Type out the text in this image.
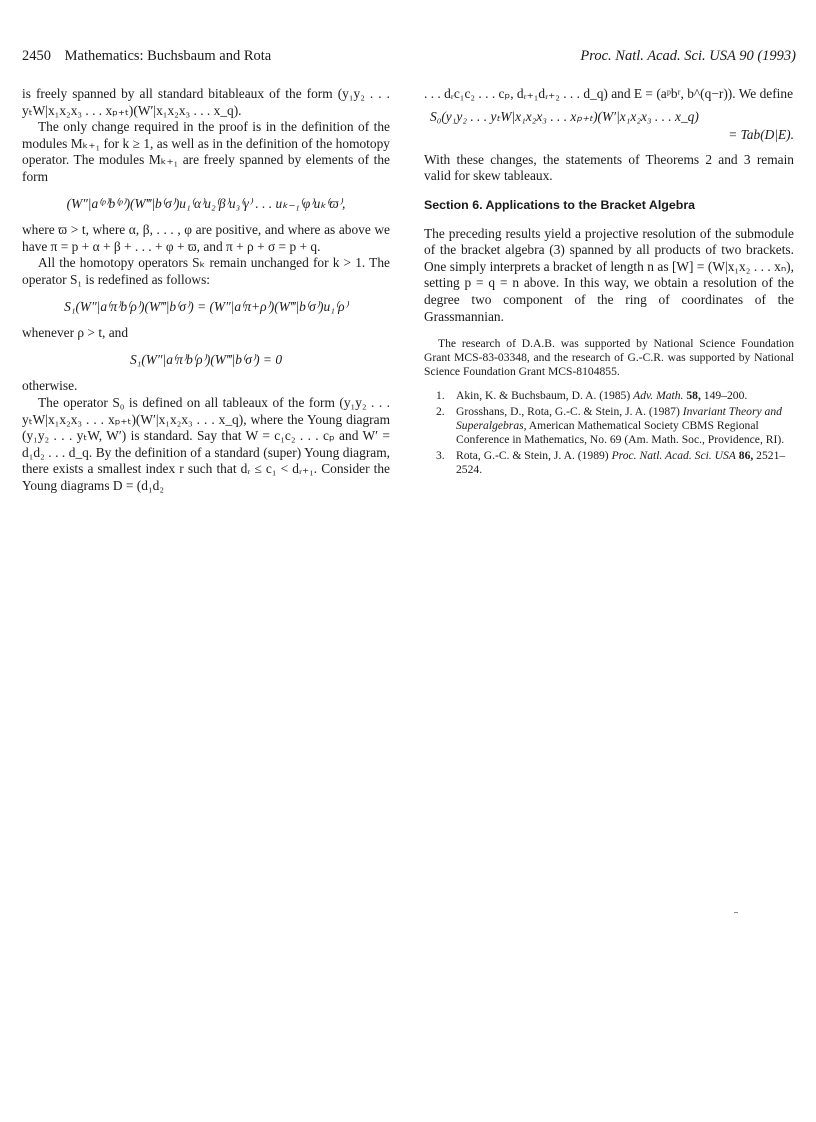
2450 Mathematics: Buchsbaum and Rota	Proc. Natl. Acad. Sci. USA 90 (1993)

is freely spanned by all standard bitableaux of the form (y₁y₂ . . . yₜW|x₁x₂x₃ . . . xₚ₊ₜ)(W′|x₁x₂x₃ . . . x_q).

The only change required in the proof is in the definition of the modules Mₖ₊₁ for k ≥ 1, as well as in the definition of the homotopy operator. The modules Mₖ₊₁ are freely spanned by elements of the form

(W″|a⁽ᵖ⁾b⁽ᵖ⁾)(W‴|b⁽σ⁾)u₁⁽α⁾u₂⁽β⁾u₃⁽γ⁾ . . . uₖ₋₁⁽φ⁾uₖ⁽ϖ⁾,

where ϖ > t, where α, β, . . . , φ are positive, and where as above we have π = p + α + β + . . . + φ + ϖ, and π + ρ + σ = p + q.

All the homotopy operators Sₖ remain unchanged for k > 1. The operator S₁ is redefined as follows:

S₁(W″|a⁽π⁾b⁽ρ⁾)(W‴|b⁽σ⁾) = (W″|a⁽π+ρ⁾)(W‴|b⁽σ⁾)u₁⁽ρ⁾

whenever ρ > t, and

S₁(W″|a⁽π⁾b⁽ρ⁾)(W‴|b⁽σ⁾) = 0

otherwise.

The operator S₀ is defined on all tableaux of the form (y₁y₂ . . . yₜW|x₁x₂x₃ . . . xₚ₊ₜ)(W′|x₁x₂x₃ . . . x_q), where the Young diagram (y₁y₂ . . . yₜW, W′) is standard. Say that W = c₁c₂ . . . cₚ and W′ = d₁d₂ . . . d_q. By the definition of a standard (super) Young diagram, there exists a smallest index r such that dᵣ ≤ c₁ < dᵣ₊₁. Consider the Young diagrams D = (d₁d₂

. . . dᵣc₁c₂ . . . cₚ, dᵣ₊₁dᵣ₊₂ . . . d_q) and E = (aᵖbʳ, b^(q−r)). We define

S₀(y₁y₂ . . . yₜW|x₁x₂x₃ . . . xₚ₊ₜ)(W′|x₁x₂x₃ . . . x_q)
= Tab(D|E).

With these changes, the statements of Theorems 2 and 3 remain valid for skew tableaux.

Section 6. Applications to the Bracket Algebra

The preceding results yield a projective resolution of the submodule of the bracket algebra (3) spanned by all products of two brackets. One simply interprets a bracket of length n as [W] = (W|x₁x₂ . . . xₙ), setting p = q = n above. In this way, we obtain a resolution of the degree two component of the ring of coordinates of the Grassmannian.

The research of D.A.B. was supported by National Science Foundation Grant MCS-83-03348, and the research of G.-C.R. was supported by National Science Foundation Grant MCS-8104855.

1. Akin, K. & Buchsbaum, D. A. (1985) Adv. Math. 58, 149–200.
2. Grosshans, D., Rota, G.-C. & Stein, J. A. (1987) Invariant Theory and Superalgebras, American Mathematical Society CBMS Regional Conference in Mathematics, No. 69 (Am. Math. Soc., Providence, RI).
3. Rota, G.-C. & Stein, J. A. (1989) Proc. Natl. Acad. Sci. USA 86, 2521–2524.
